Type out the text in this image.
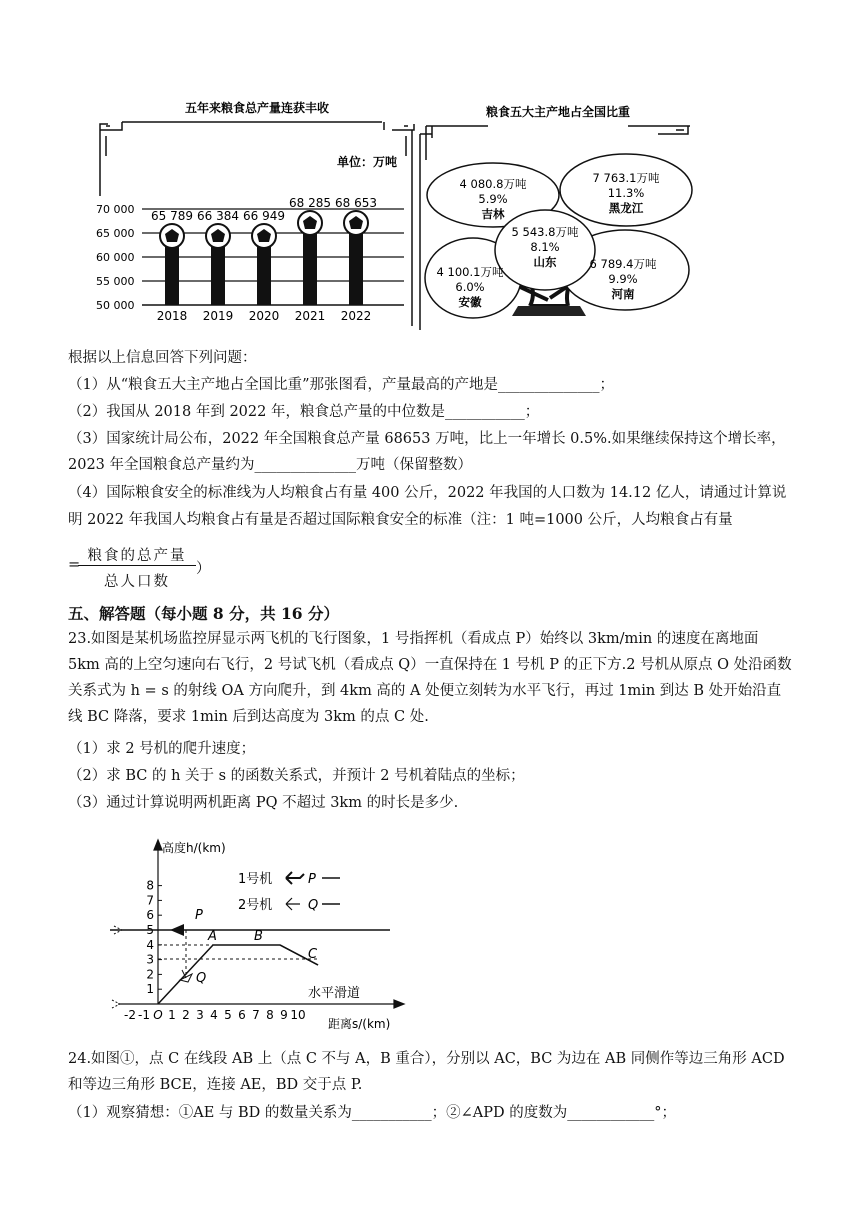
五年来粮食总产量连获丰收
单位：万吨
70 000
65 000
60 000
55 000
50 000
65 789
2018
66 384
2019
66 949
2020
68 285
2021
68 653
2022
粮食五大主产地占全国比重
4 080.8万吨
5.9%
吉林
7 763.1万吨
11.3%
黑龙江
5 543.8万吨
8.1%
山东
4 100.1万吨
6.0%
安徽
6 789.4万吨
9.9%
河南
根据以上信息回答下列问题：
（1）从“粮食五大主产地占全国比重”那张图看，产量最高的产地是______________；
（2）我国从 2018 年到 2022 年，粮食总产量的中位数是___________；
（3）国家统计局公布，2022 年全国粮食总产量 68653 万吨，比上一年增长 0.5%.如果继续保持这个增长率，
2023 年全国粮食总产量约为______________万吨（保留整数）
（4）国际粮食安全的标准线为人均粮食占有量 400 公斤，2022 年我国的人口数为 14.12 亿人，请通过计算说
明 2022 年我国人均粮食占有量是否超过国际粮食安全的标准（注：1 吨=1000 公斤，人均粮食占有量
=
粮食的总产量
总人口数
）
五、解答题（每小题 8 分，共 16 分）
23.如图是某机场监控屏显示两飞机的飞行图象，1 号指挥机（看成点 P）始终以 3km/min 的速度在离地面 5km 高的上空匀速向右飞行，2 号试飞机（看成点 Q）一直保持在 1 号机 P 的正下方.2 号机从原点 O 处沿函数关系式为 h = s 的射线 OA 方向爬升，到 4km 高的 A 处便立刻转为水平飞行，再过 1min 到达 B 处开始沿直线 BC 降落，要求 1min 后到达高度为 3km 的点 C 处.
（1）求 2 号机的爬升速度；
（2）求 BC 的 h 关于 s 的函数关系式，并预计 2 号机着陆点的坐标；
（3）通过计算说明两机距离 PQ 不超过 3km 的时长是多少.
高度h/(km)
距离s/(km)
8
7
6
5
4
3
2
1
-2 -1 O 1 2 3 4 5 6 7 8 9 10
1号机	P
2号机	Q
水平滑道
P
Q
A	B
C
24.如图①，点 C 在线段 AB 上（点 C 不与 A，B 重合），分别以 AC，BC 为边在 AB 同侧作等边三角形 ACD 和等边三角形 BCE，连接 AE，BD 交于点 P.
（1）观察猜想：①AE 与 BD 的数量关系为___________；②∠APD 的度数为____________°；
